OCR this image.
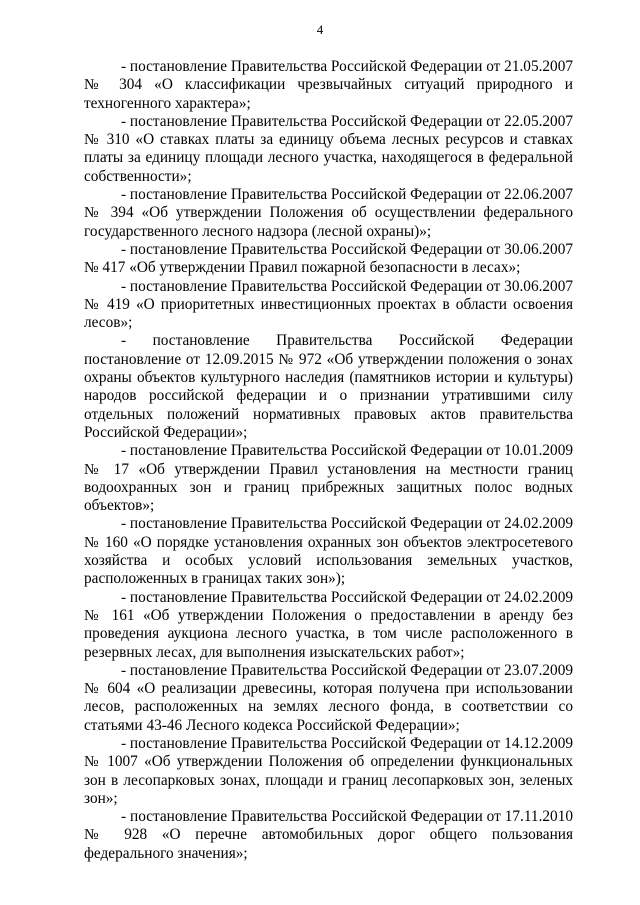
4

- постановление Правительства Российской Федерации от 21.05.2007 № 304 «О классификации чрезвычайных ситуаций природного и техногенного характера»;

- постановление Правительства Российской Федерации от 22.05.2007 № 310 «О ставках платы за единицу объема лесных ресурсов и ставках платы за единицу площади лесного участка, находящегося в федеральной собственности»;

- постановление Правительства Российской Федерации от 22.06.2007 № 394 «Об утверждении Положения об осуществлении федерального государственного лесного надзора (лесной охраны)»;

- постановление Правительства Российской Федерации от 30.06.2007 № 417 «Об утверждении Правил пожарной безопасности в лесах»;

- постановление Правительства Российской Федерации от 30.06.2007 № 419 «О приоритетных инвестиционных проектах в области освоения лесов»;

- постановление Правительства Российской Федерации постановление от 12.09.2015 № 972 «Об утверждении положения о зонах охраны объектов культурного наследия (памятников истории и культуры) народов российской федерации и о признании утратившими силу отдельных положений нормативных правовых актов правительства Российской Федерации»;

- постановление Правительства Российской Федерации от 10.01.2009 № 17 «Об утверждении Правил установления на местности границ водоохранных зон и границ прибрежных защитных полос водных объектов»;

- постановление Правительства Российской Федерации от 24.02.2009 № 160 «О порядке установления охранных зон объектов электросетевого хозяйства и особых условий использования земельных участков, расположенных в границах таких зон»);

- постановление Правительства Российской Федерации от 24.02.2009 № 161 «Об утверждении Положения о предоставлении в аренду без проведения аукциона лесного участка, в том числе расположенного в резервных лесах, для выполнения изыскательских работ»;

- постановление Правительства Российской Федерации от 23.07.2009 № 604 «О реализации древесины, которая получена при использовании лесов, расположенных на землях лесного фонда, в соответствии со статьями 43-46 Лесного кодекса Российской Федерации»;

- постановление Правительства Российской Федерации от 14.12.2009 № 1007 «Об утверждении Положения об определении функциональных зон в лесопарковых зонах, площади и границ лесопарковых зон, зеленых зон»;

- постановление Правительства Российской Федерации от 17.11.2010 № 928 «О перечне автомобильных дорог общего пользования федерального значения»;
